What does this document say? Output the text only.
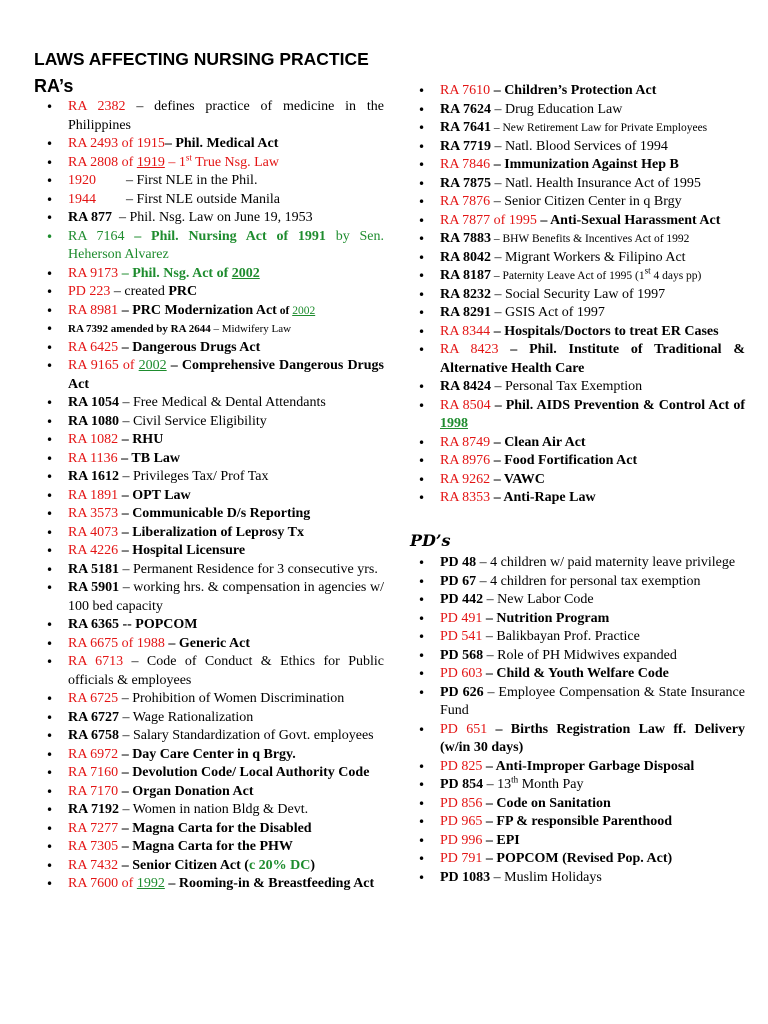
LAWS AFFECTING NURSING PRACTICE
RA’s
• RA 2382 – defines practice of medicine in the Philippines
• RA 2493 of 1915– Phil. Medical Act
• RA 2808 of 1919 – 1st True Nsg. Law
• 1920 – First NLE in the Phil.
• 1944 – First NLE outside Manila
• RA 877 – Phil. Nsg. Law on June 19, 1953
• RA 7164 – Phil. Nursing Act of 1991 by Sen. Heherson Alvarez
• RA 9173 – Phil. Nsg. Act of 2002
• PD 223 – created PRC
• RA 8981 – PRC Modernization Act of 2002
• RA 7392 amended by RA 2644 – Midwifery Law
• RA 6425 – Dangerous Drugs Act
• RA 9165 of 2002 – Comprehensive Dangerous Drugs Act
• RA 1054 – Free Medical & Dental Attendants
• RA 1080 – Civil Service Eligibility
• RA 1082 – RHU
• RA 1136 – TB Law
• RA 1612 – Privileges Tax/ Prof Tax
• RA 1891 – OPT Law
• RA 3573 – Communicable D/s Reporting
• RA 4073 – Liberalization of Leprosy Tx
• RA 4226 – Hospital Licensure
• RA 5181 – Permanent Residence for 3 consecutive yrs.
• RA 5901 – working hrs. & compensation in agencies w/ 100 bed capacity
• RA 6365 -- POPCOM
• RA 6675 of 1988 – Generic Act
• RA 6713 – Code of Conduct & Ethics for Public officials & employees
• RA 6725 – Prohibition of Women Discrimination
• RA 6727 – Wage Rationalization
• RA 6758 – Salary Standardization of Govt. employees
• RA 6972 – Day Care Center in q Brgy.
• RA 7160 – Devolution Code/ Local Authority Code
• RA 7170 – Organ Donation Act
• RA 7192 – Women in nation Bldg & Devt.
• RA 7277 – Magna Carta for the Disabled
• RA 7305 – Magna Carta for the PHW
• RA 7432 – Senior Citizen Act (c 20% DC)
• RA 7600 of 1992 – Rooming-in & Breastfeeding Act
• RA 7610 – Children’s Protection Act
• RA 7624 – Drug Education Law
• RA 7641 – New Retirement Law for Private Employees
• RA 7719 – Natl. Blood Services of 1994
• RA 7846 – Immunization Against Hep B
• RA 7875 – Natl. Health Insurance Act of 1995
• RA 7876 – Senior Citizen Center in q Brgy
• RA 7877 of 1995 – Anti-Sexual Harassment Act
• RA 7883 – BHW Benefits & Incentives Act of 1992
• RA 8042 – Migrant Workers & Filipino Act
• RA 8187 – Paternity Leave Act of 1995 (1st 4 days pp)
• RA 8232 – Social Security Law of 1997
• RA 8291 – GSIS Act of 1997
• RA 8344 – Hospitals/Doctors to treat ER Cases
• RA 8423 – Phil. Institute of Traditional & Alternative Health Care
• RA 8424 – Personal Tax Exemption
• RA 8504 – Phil. AIDS Prevention & Control Act of 1998
• RA 8749 – Clean Air Act
• RA 8976 – Food Fortification Act
• RA 9262 – VAWC
• RA 8353 – Anti-Rape Law
PD’s
• PD 48 – 4 children w/ paid maternity leave privilege
• PD 67 – 4 children for personal tax exemption
• PD 442 – New Labor Code
• PD 491 – Nutrition Program
• PD 541 – Balikbayan Prof. Practice
• PD 568 – Role of PH Midwives expanded
• PD 603 – Child & Youth Welfare Code
• PD 626 – Employee Compensation & State Insurance Fund
• PD 651 – Births Registration Law ff. Delivery (w/in 30 days)
• PD 825 – Anti-Improper Garbage Disposal
• PD 854 – 13th Month Pay
• PD 856 – Code on Sanitation
• PD 965 – FP & responsible Parenthood
• PD 996 – EPI
• PD 791 – POPCOM (Revised Pop. Act)
• PD 1083 – Muslim Holidays
